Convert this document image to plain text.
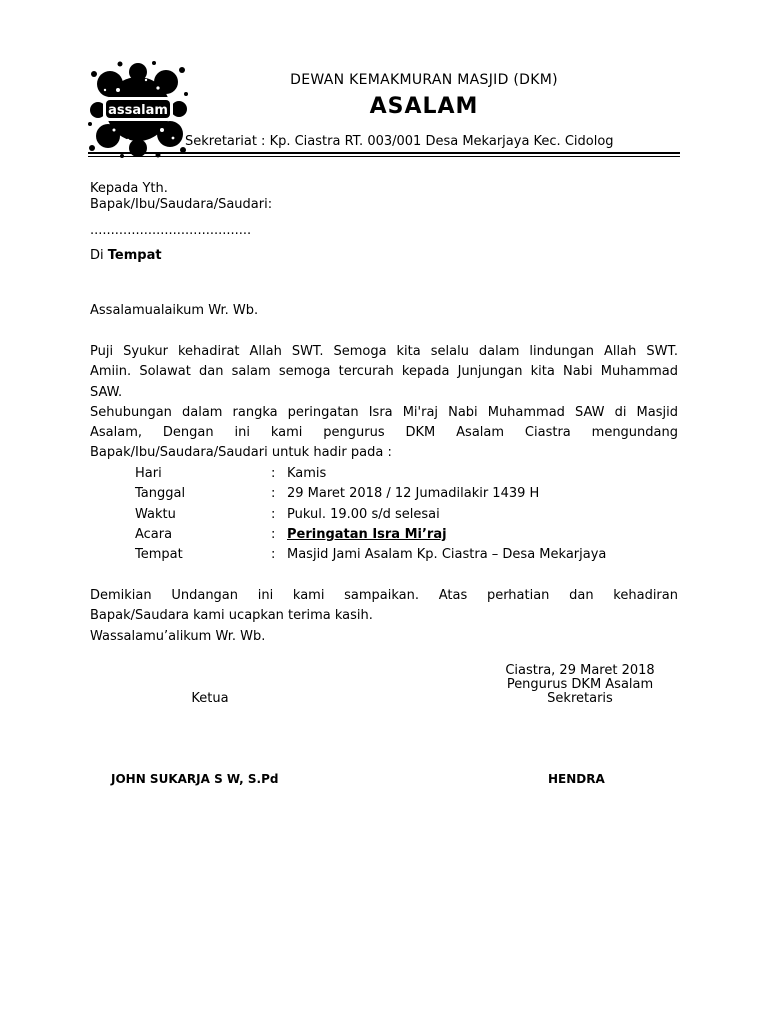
assalam
DEWAN KEMAKMURAN MASJID (DKM)
ASALAM
Sekretariat : Kp. Ciastra RT. 003/001 Desa Mekarjaya Kec. Cidolog
Kepada Yth.
Bapak/Ibu/Saudara/Saudari:
.......................................
Di Tempat
Assalamualaikum Wr. Wb.
Puji Syukur kehadirat Allah SWT. Semoga kita selalu dalam lindungan Allah SWT.
Amiin. Solawat dan salam semoga tercurah kepada Junjungan kita Nabi Muhammad
SAW.
Sehubungan dalam rangka peringatan Isra Mi'raj Nabi Muhammad SAW di Masjid
Asalam, Dengan ini kami pengurus DKM Asalam Ciastra mengundang
Bapak/Ibu/Saudara/Saudari untuk hadir pada :
Hari	: Kamis
Tanggal	: 29 Maret 2018 / 12 Jumadilakir 1439 H
Waktu	: Pukul. 19.00 s/d selesai
Acara	: Peringatan Isra Mi’raj
Tempat	: Masjid Jami Asalam Kp. Ciastra – Desa Mekarjaya
Demikian Undangan ini kami sampaikan. Atas perhatian dan kehadiran
Bapak/Saudara kami ucapkan terima kasih.
Wassalamu’alikum Wr. Wb.
Ciastra, 29 Maret 2018
Pengurus DKM Asalam
Ketua	Sekretaris
JOHN SUKARJA S W, S.Pd	HENDRA
